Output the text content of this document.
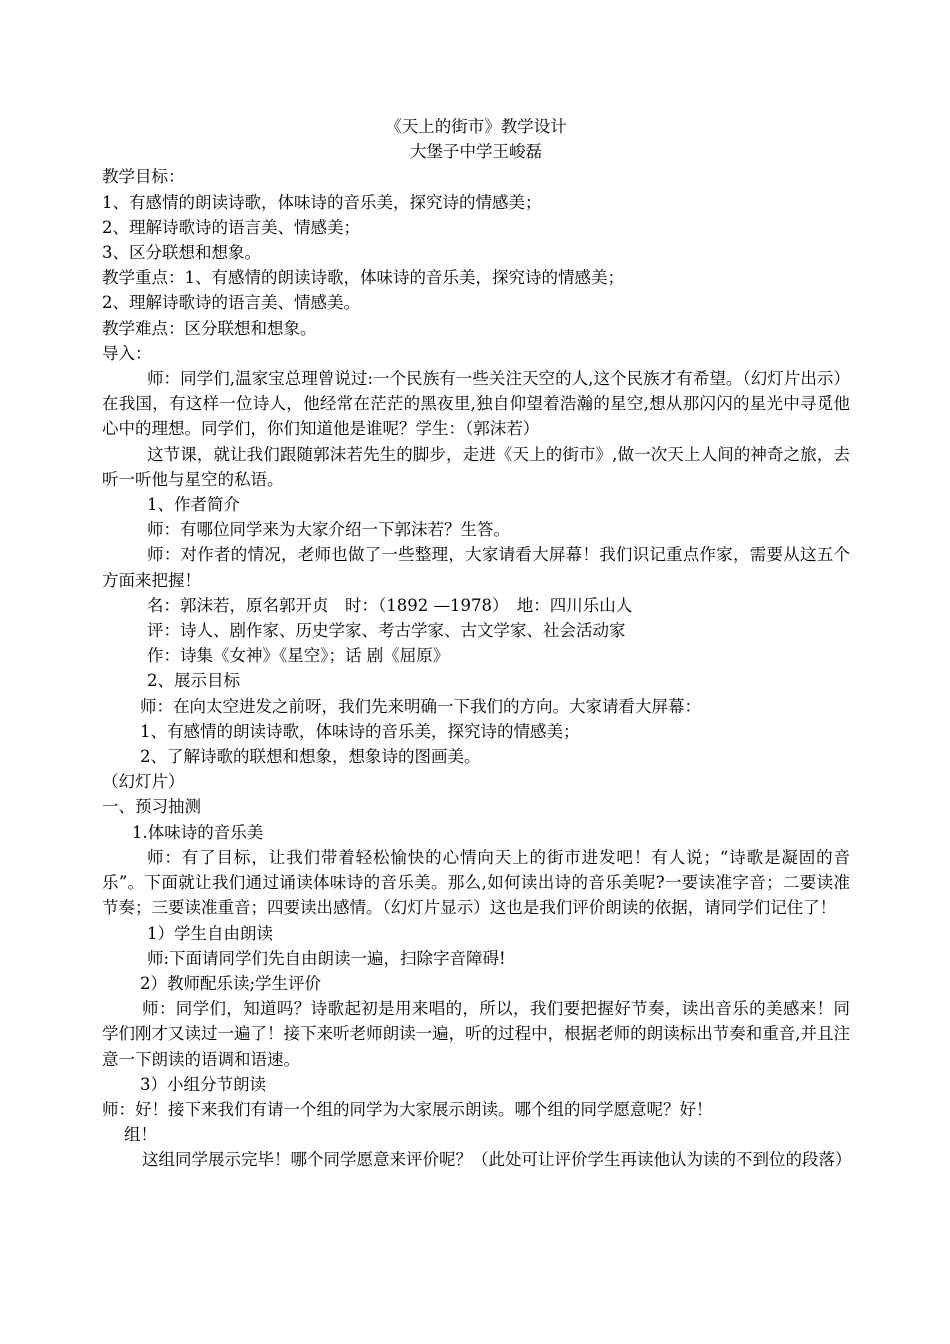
《天上的街市》教学设计

大堡子中学王峻磊

教学目标：

1、有感情的朗读诗歌，体味诗的音乐美，探究诗的情感美；

2、理解诗歌诗的语言美、情感美；

3、区分联想和想象。

教学重点：1、有感情的朗读诗歌，体味诗的音乐美，探究诗的情感美；

2、理解诗歌诗的语言美、情感美。

教学难点：区分联想和想象。

导入：

师：同学们,温家宝总理曾说过:一个民族有一些关注天空的人,这个民族才有希望。（幻灯片出示）在我国，有这样一位诗人，他经常在茫茫的黑夜里,独自仰望着浩瀚的星空,想从那闪闪的星光中寻觅他心中的理想。同学们，你们知道他是谁呢？学生：（郭沫若）

这节课，就让我们跟随郭沫若先生的脚步，走进《天上的街市》,做一次天上人间的神奇之旅，去听一听他与星空的私语。

1、作者简介

师：有哪位同学来为大家介绍一下郭沫若？生答。

师：对作者的情况，老师也做了一些整理，大家请看大屏幕！我们识记重点作家，需要从这五个方面来把握！

名：郭沫若，原名郭开贞　时：（1892 —1978）　地：四川乐山人

评：诗人、剧作家、历史学家、考古学家、古文学家、社会活动家

作：诗集《女神》《星空》；话 剧《屈原》

2、展示目标

师：在向太空进发之前呀，我们先来明确一下我们的方向。大家请看大屏幕：

1、有感情的朗读诗歌，体味诗的音乐美，探究诗的情感美；

2、了解诗歌的联想和想象，想象诗的图画美。

（幻灯片）

一、预习抽测

1.体味诗的音乐美

师：有了目标，让我们带着轻松愉快的心情向天上的街市进发吧！有人说；“诗歌是凝固的音乐”。下面就让我们通过诵读体味诗的音乐美。那么,如何读出诗的音乐美呢?一要读准字音；二要读准节奏；三要读准重音；四要读出感情。（幻灯片显示）这也是我们评价朗读的依据，请同学们记住了！

1）学生自由朗读

师:下面请同学们先自由朗读一遍，扫除字音障碍!

2）教师配乐读;学生评价

师：同学们，知道吗？诗歌起初是用来唱的，所以，我们要把握好节奏，读出音乐的美感来！同学们刚才又读过一遍了！接下来听老师朗读一遍，听的过程中，根据老师的朗读标出节奏和重音,并且注意一下朗读的语调和语速。

3）小组分节朗读

师：好！接下来我们有请一个组的同学为大家展示朗读。哪个组的同学愿意呢？好！

组！

这组同学展示完毕！哪个同学愿意来评价呢？（此处可让评价学生再读他认为读的不到位的段落）
